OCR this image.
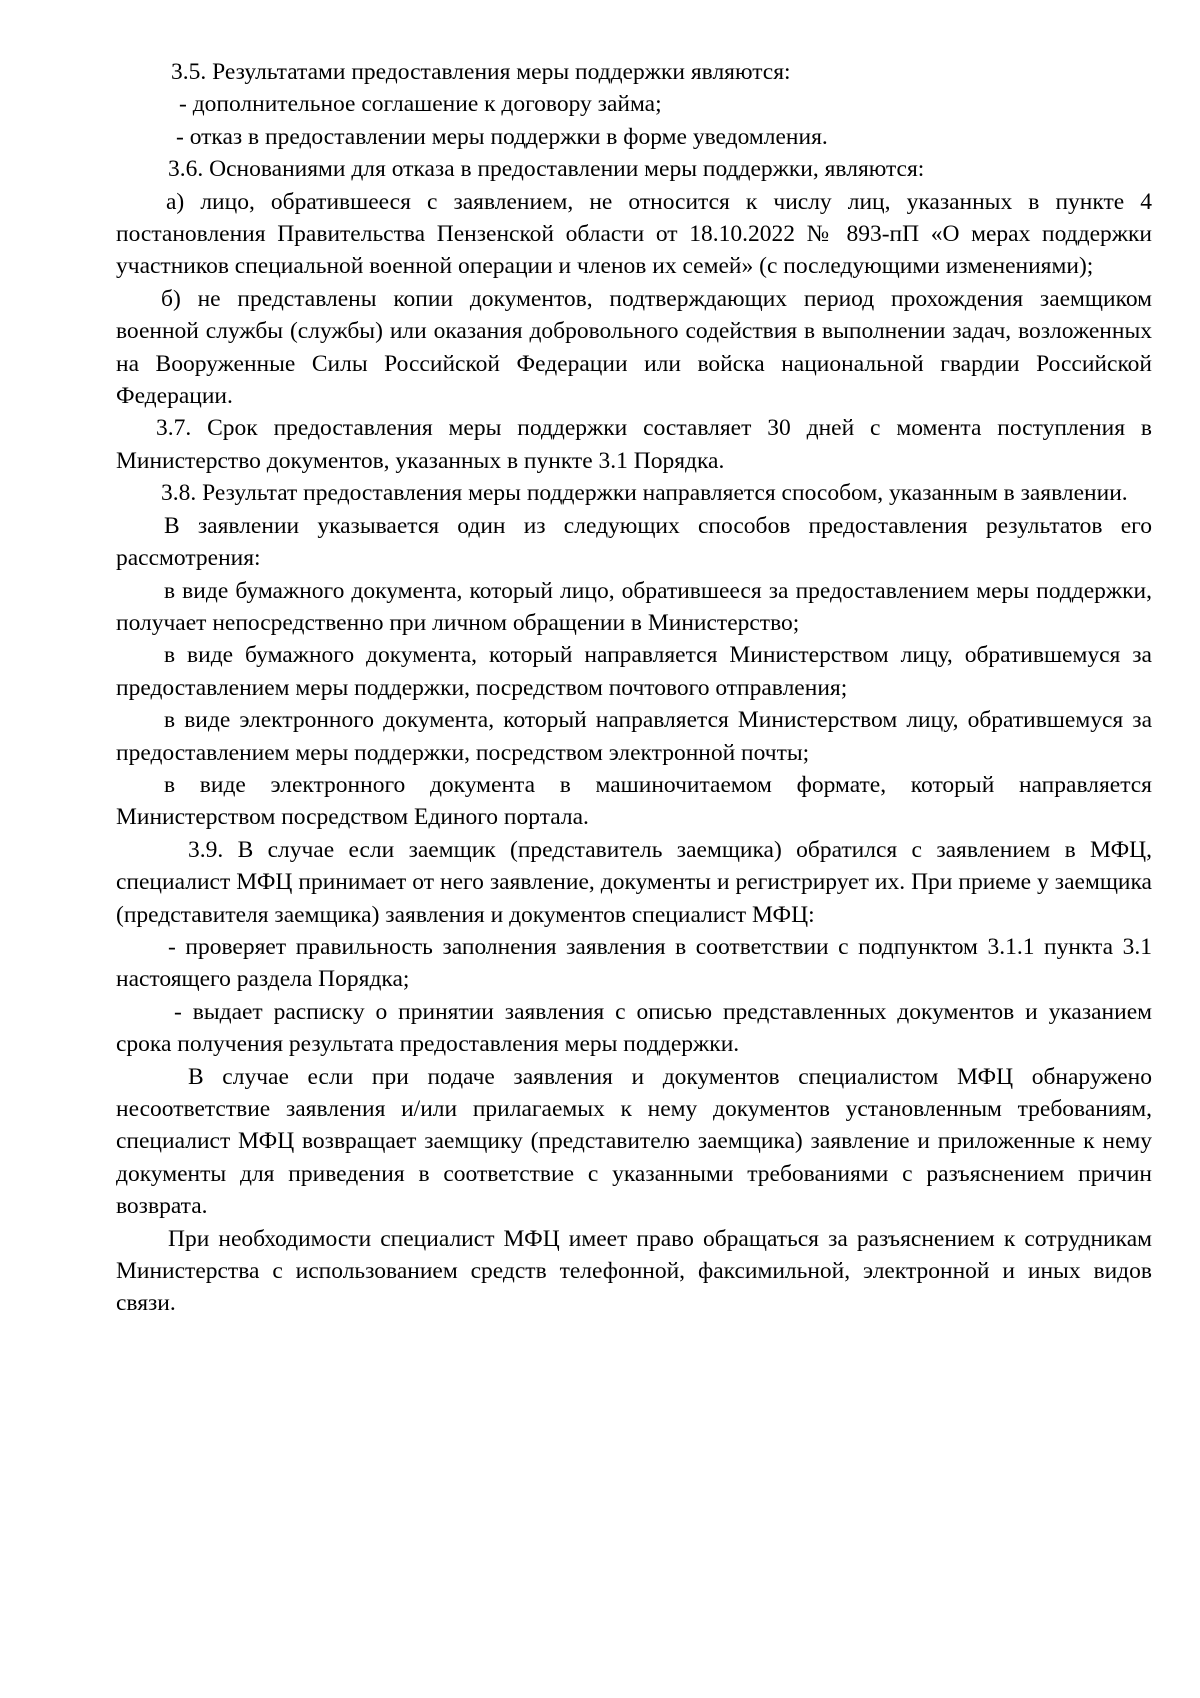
3.5. Результатами предоставления меры поддержки являются:

- дополнительное соглашение к договору займа;

- отказ в предоставлении меры поддержки в форме уведомления.

3.6. Основаниями для отказа в предоставлении меры поддержки, являются:

а) лицо, обратившееся с заявлением, не относится к числу лиц, указанных в пункте 4 постановления Правительства Пензенской области от 18.10.2022 № 893-пП «О мерах поддержки участников специальной военной операции и членов их семей» (с последующими изменениями);

б) не представлены копии документов, подтверждающих период прохождения заемщиком военной службы (службы) или оказания добровольного содействия в выполнении задач, возложенных на Вооруженные Силы Российской Федерации или войска национальной гвардии Российской Федерации.

3.7. Срок предоставления меры поддержки составляет 30 дней с момента поступления в Министерство документов, указанных в пункте 3.1 Порядка.

3.8. Результат предоставления меры поддержки направляется способом, указанным в заявлении.

В заявлении указывается один из следующих способов предоставления результатов его рассмотрения:

в виде бумажного документа, который лицо, обратившееся за предоставлением меры поддержки, получает непосредственно при личном обращении в Министерство;

в виде бумажного документа, который направляется Министерством лицу, обратившемуся за предоставлением меры поддержки, посредством почтового отправления;

в виде электронного документа, который направляется Министерством лицу, обратившемуся за предоставлением меры поддержки, посредством электронной почты;

в виде электронного документа в машиночитаемом формате, который направляется Министерством посредством Единого портала.

3.9. В случае если заемщик (представитель заемщика) обратился с заявлением в МФЦ, специалист МФЦ принимает от него заявление, документы и регистрирует их. При приеме у заемщика (представителя заемщика) заявления и документов специалист МФЦ:

- проверяет правильность заполнения заявления в соответствии с подпунктом 3.1.1 пункта 3.1 настоящего раздела Порядка;

- выдает расписку о принятии заявления с описью представленных документов и указанием срока получения результата предоставления меры поддержки.

В случае если при подаче заявления и документов специалистом МФЦ обнаружено несоответствие заявления и/или прилагаемых к нему документов установленным требованиям, специалист МФЦ возвращает заемщику (представителю заемщика) заявление и приложенные к нему документы для приведения в соответствие с указанными требованиями с разъяснением причин возврата.

При необходимости специалист МФЦ имеет право обращаться за разъяснением к сотрудникам Министерства с использованием средств телефонной, факсимильной, электронной и иных видов связи.
